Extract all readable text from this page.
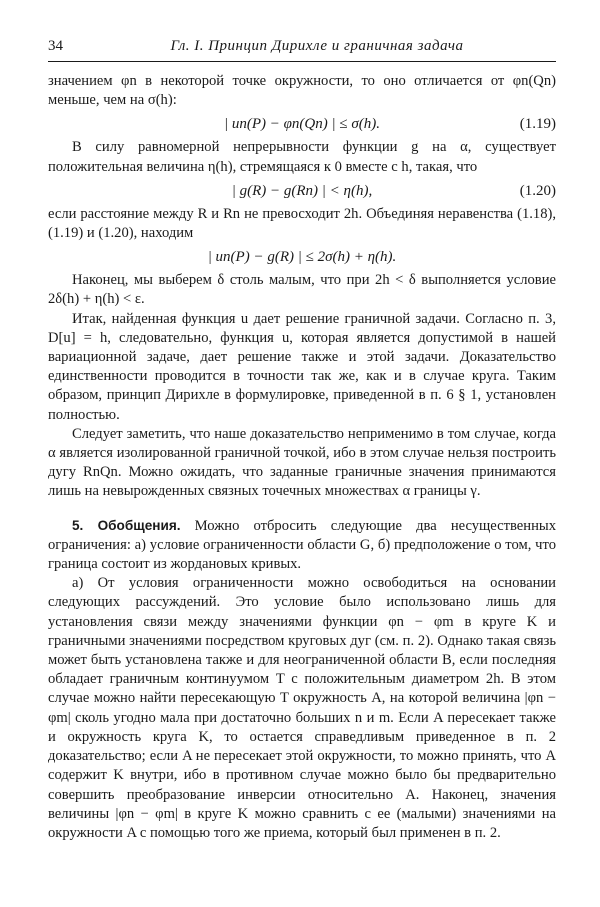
34	Гл. I. Принцип Дирихле и граничная задача

значением φn в некоторой точке окружности, то оно отличается от φn(Qn) меньше, чем на σ(h):

| un(P) − φn(Qn) | ≤ σ(h).	(1.19)

В силу равномерной непрерывности функции g на α, существует положительная величина η(h), стремящаяся к 0 вместе с h, такая, что

| g(R) − g(Rn) | < η(h),	(1.20)

если расстояние между R и Rn не превосходит 2h. Объединяя неравенства (1.18), (1.19) и (1.20), находим

| un(P) − g(R) | ≤ 2σ(h) + η(h).

Наконец, мы выберем δ столь малым, что при 2h < δ выполняется условие 2δ(h) + η(h) < ε.

Итак, найденная функция u дает решение граничной задачи. Согласно п. 3, D[u] = h, следовательно, функция u, которая является допустимой в нашей вариационной задаче, дает решение также и этой задачи. Доказательство единственности проводится в точности так же, как и в случае круга. Таким образом, принцип Дирихле в формулировке, приведенной в п. 6 § 1, установлен полностью.

Следует заметить, что наше доказательство неприменимо в том случае, когда α является изолированной граничной точкой, ибо в этом случае нельзя построить дугу RnQn. Можно ожидать, что заданные граничные значения принимаются лишь на невырожденных связных точечных множествах α границы γ.

5. Обобщения. Можно отбросить следующие два несущественных ограничения: а) условие ограниченности области G, б) предположение о том, что граница состоит из жордановых кривых.

а) От условия ограниченности можно освободиться на основании следующих рассуждений. Это условие было использовано лишь для установления связи между значениями функции φn − φm в круге K и граничными значениями посредством круговых дуг (см. п. 2). Однако такая связь может быть установлена также и для неограниченной области B, если последняя обладает граничным континуумом T с положительным диаметром 2h. В этом случае можно найти пересекающую T окружность A, на которой величина |φn − φm| сколь угодно мала при достаточно больших n и m. Если A пересекает также и окружность круга K, то остается справедливым приведенное в п. 2 доказательство; если A не пересекает этой окружности, то можно принять, что A содержит K внутри, ибо в противном случае можно было бы предварительно совершить преобразование инверсии относительно A. Наконец, значения величины |φn − φm| в круге K можно сравнить с ее (малыми) значениями на окружности A с помощью того же приема, который был применен в п. 2.
